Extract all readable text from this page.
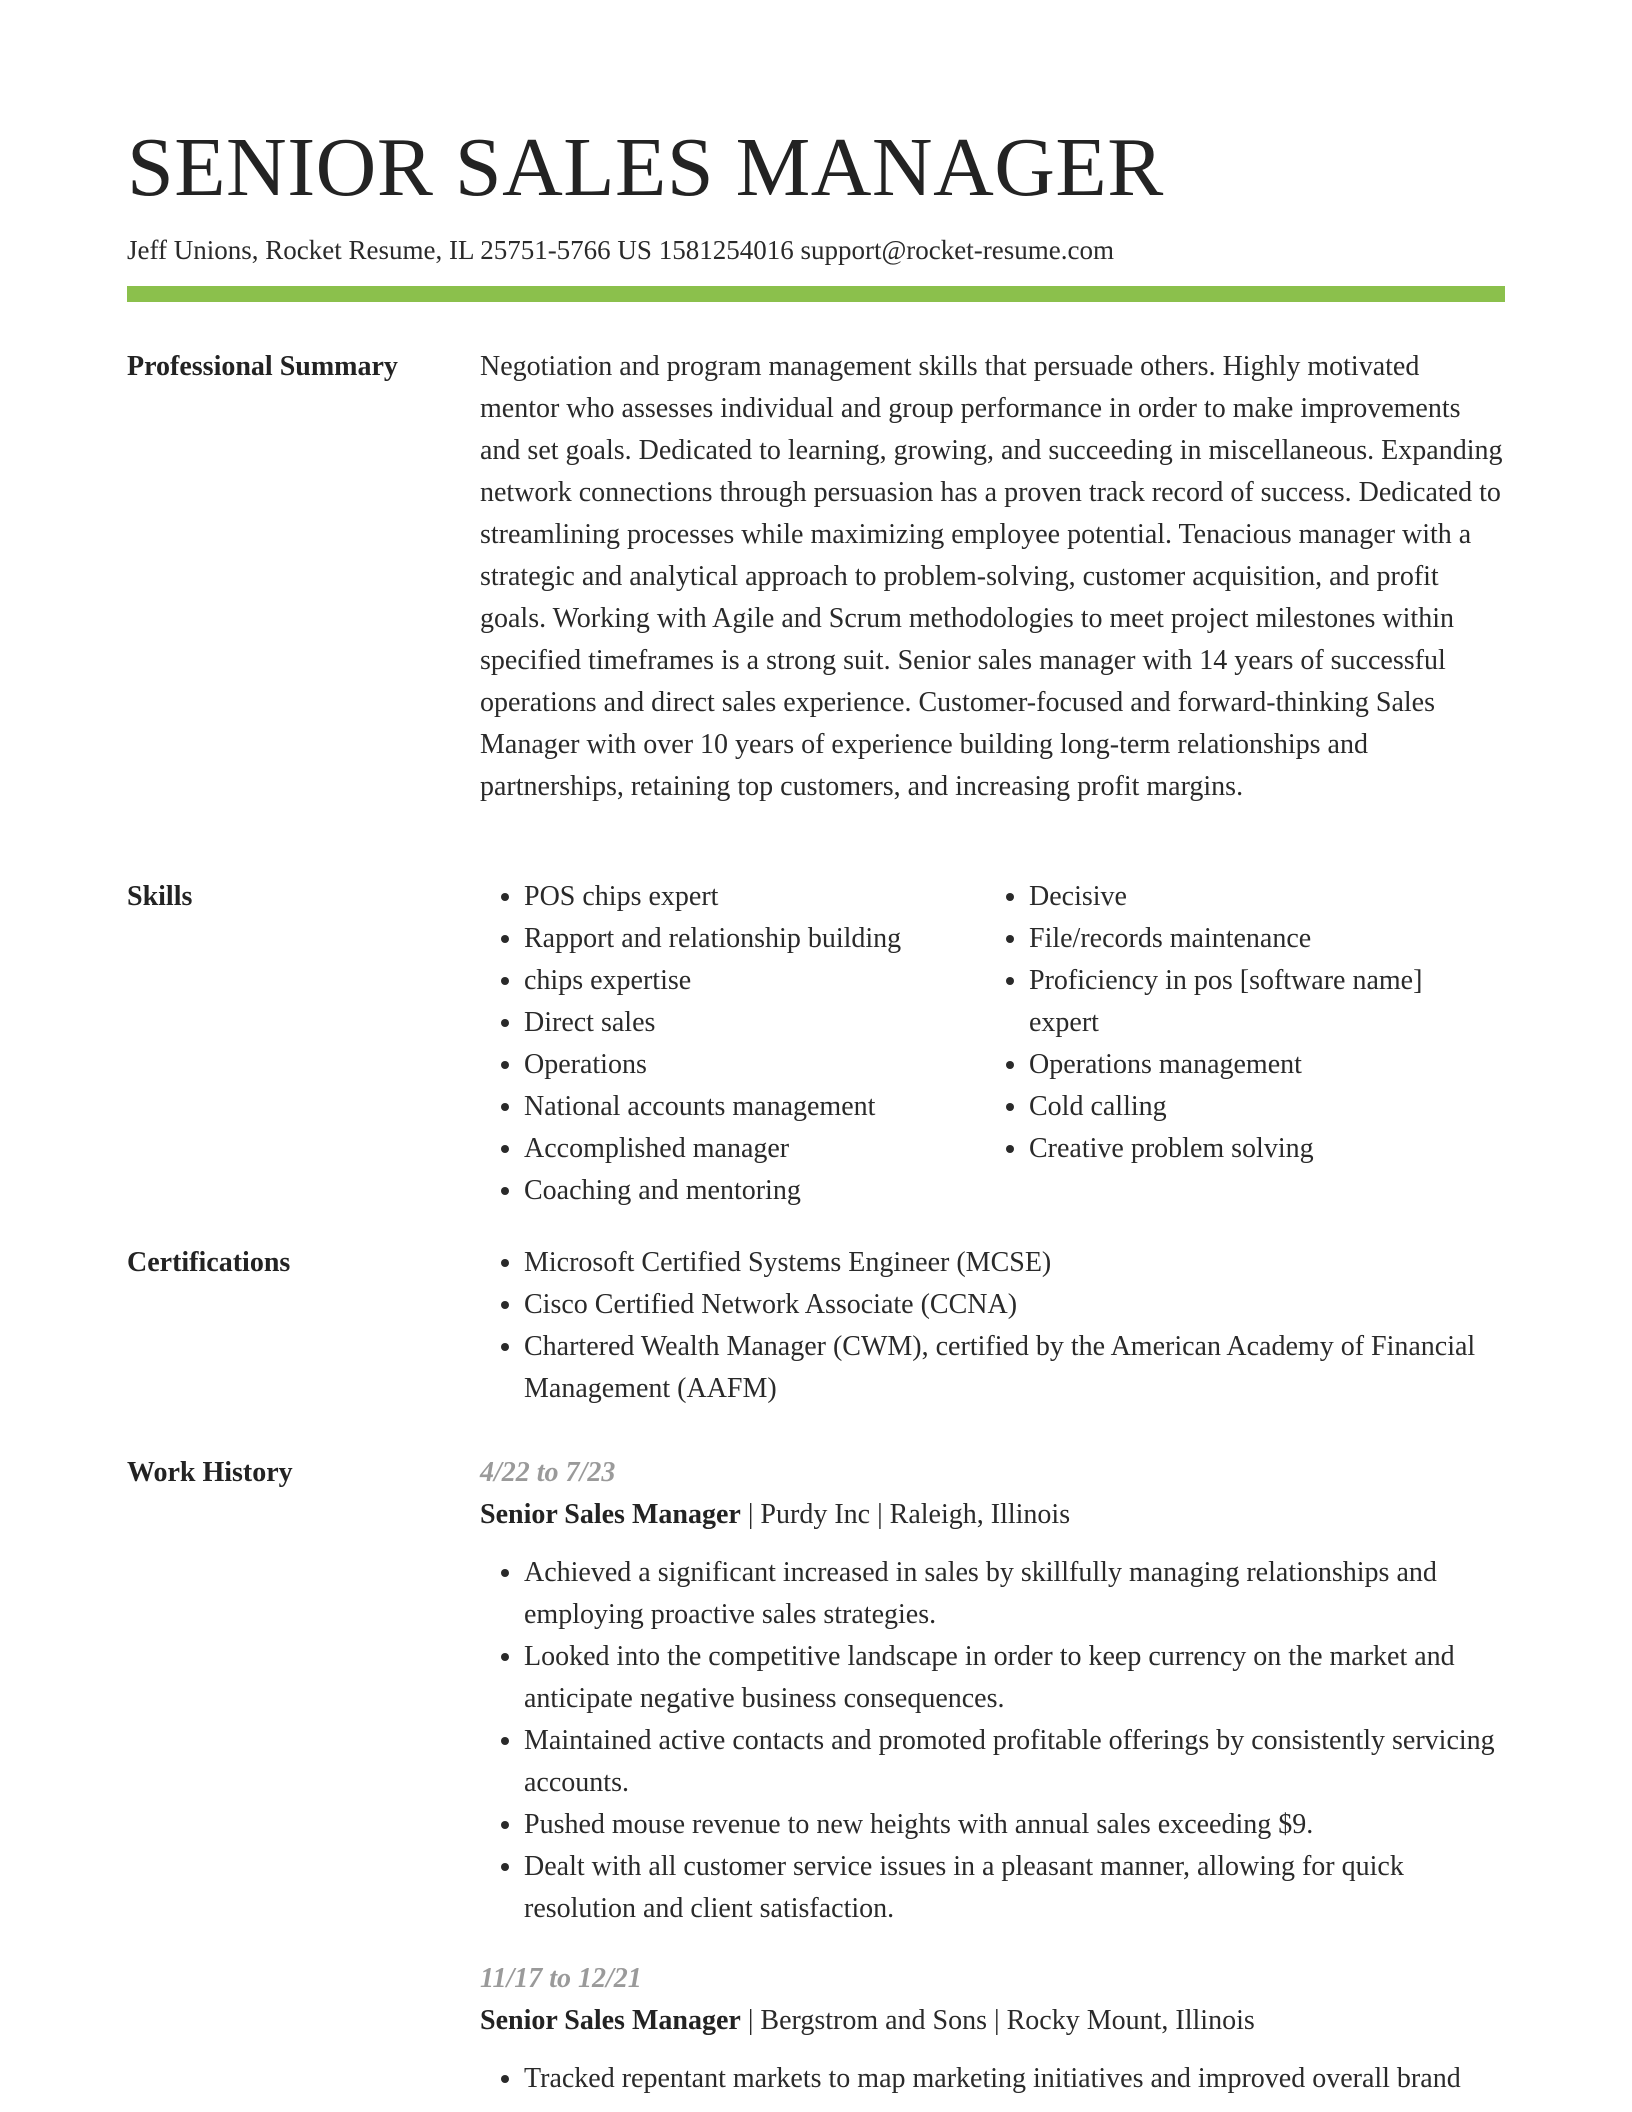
SENIOR SALES MANAGER
Jeff Unions, Rocket Resume, IL 25751-5766 US 1581254016 support@rocket-resume.com
Professional Summary	Negotiation and program management skills that persuade others. Highly motivated mentor who assesses individual and group performance in order to make improvements and set goals. Dedicated to learning, growing, and succeeding in miscellaneous. Expanding network connections through persuasion has a proven track record of success. Dedicated to streamlining processes while maximizing employee potential. Tenacious manager with a strategic and analytical approach to problem-solving, customer acquisition, and profit goals. Working with Agile and Scrum methodologies to meet project milestones within specified timeframes is a strong suit. Senior sales manager with 14 years of successful operations and direct sales experience. Customer-focused and forward-thinking Sales Manager with over 10 years of experience building long-term relationships and partnerships, retaining top customers, and increasing profit margins.

Skills	• POS chips expert
• Rapport and relationship building
• chips expertise
• Direct sales
• Operations
• National accounts management
• Accomplished manager
• Coaching and mentoring
• Decisive
• File/records maintenance
• Proficiency in pos [software name] expert
• Operations management
• Cold calling
• Creative problem solving
Certifications	• Microsoft Certified Systems Engineer (MCSE)
• Cisco Certified Network Associate (CCNA)
• Chartered Wealth Manager (CWM), certified by the American Academy of Financial Management (AAFM)
Work History	4/22 to 7/23
Senior Sales Manager | Purdy Inc | Raleigh, Illinois
• Achieved a significant increased in sales by skillfully managing relationships and employing proactive sales strategies.
• Looked into the competitive landscape in order to keep currency on the market and anticipate negative business consequences.
• Maintained active contacts and promoted profitable offerings by consistently servicing accounts.
• Pushed mouse revenue to new heights with annual sales exceeding $9.
• Dealt with all customer service issues in a pleasant manner, allowing for quick resolution and client satisfaction.
11/17 to 12/21
Senior Sales Manager | Bergstrom and Sons | Rocky Mount, Illinois
• Tracked repentant markets to map marketing initiatives and improved overall brand
